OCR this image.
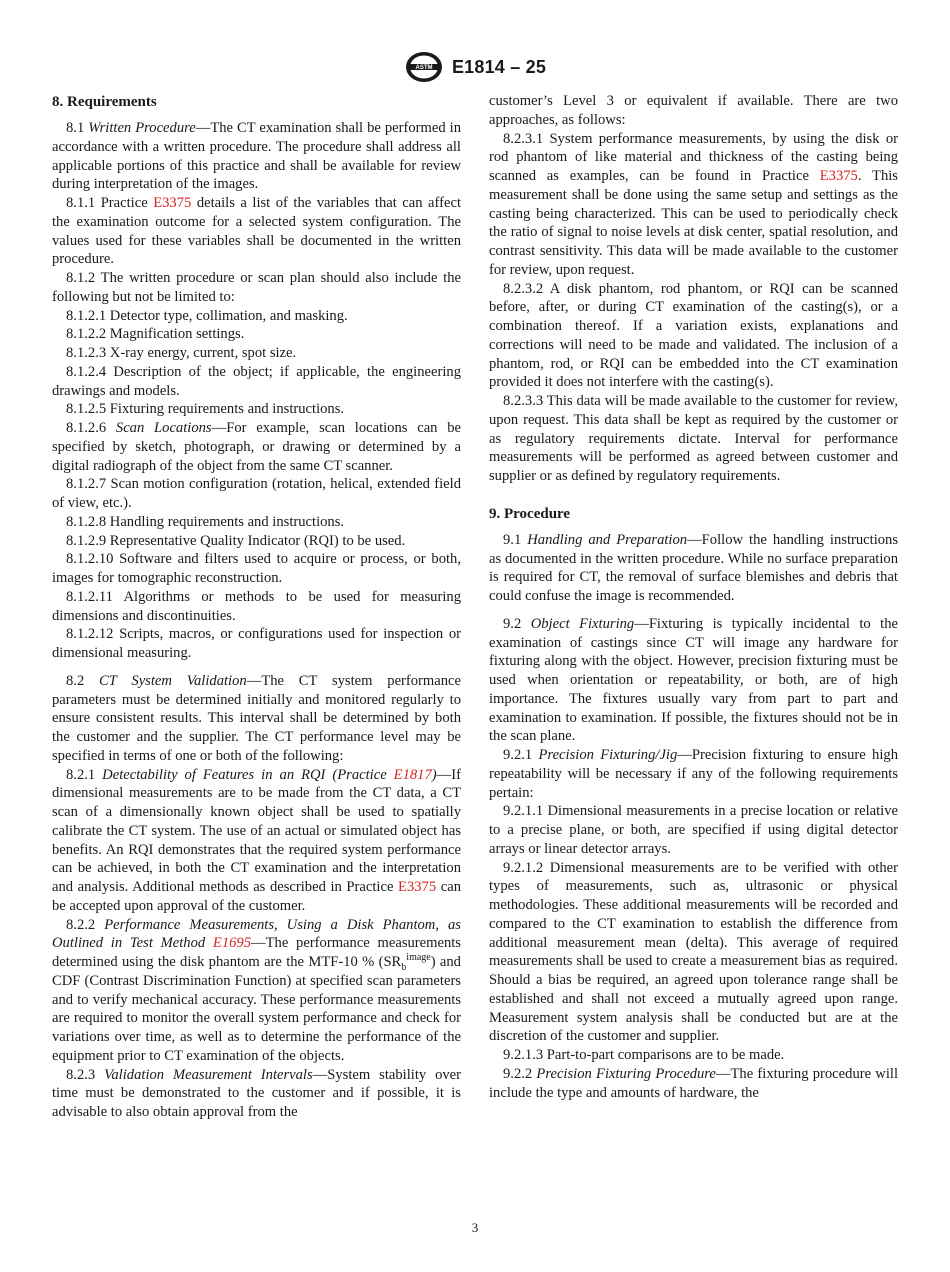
ASTM E1814 – 25
8. Requirements

8.1 Written Procedure—The CT examination shall be performed in accordance with a written procedure. The procedure shall address all applicable portions of this practice and shall be available for review during interpretation of the images.

8.1.1 Practice E3375 details a list of the variables that can affect the examination outcome for a selected system configuration. The values used for these variables shall be documented in the written procedure.

8.1.2 The written procedure or scan plan should also include the following but not be limited to:

8.1.2.1 Detector type, collimation, and masking.

8.1.2.2 Magnification settings.

8.1.2.3 X-ray energy, current, spot size.

8.1.2.4 Description of the object; if applicable, the engineering drawings and models.

8.1.2.5 Fixturing requirements and instructions.

8.1.2.6 Scan Locations—For example, scan locations can be specified by sketch, photograph, or drawing or determined by a digital radiograph of the object from the same CT scanner.

8.1.2.7 Scan motion configuration (rotation, helical, extended field of view, etc.).

8.1.2.8 Handling requirements and instructions.

8.1.2.9 Representative Quality Indicator (RQI) to be used.

8.1.2.10 Software and filters used to acquire or process, or both, images for tomographic reconstruction.

8.1.2.11 Algorithms or methods to be used for measuring dimensions and discontinuities.

8.1.2.12 Scripts, macros, or configurations used for inspection or dimensional measuring.

8.2 CT System Validation—The CT system performance parameters must be determined initially and monitored regularly to ensure consistent results. This interval shall be determined by both the customer and the supplier. The CT performance level may be specified in terms of one or both of the following:

8.2.1 Detectability of Features in an RQI (Practice E1817)—If dimensional measurements are to be made from the CT data, a CT scan of a dimensionally known object shall be used to spatially calibrate the CT system. The use of an actual or simulated object has benefits. An RQI demonstrates that the required system performance can be achieved, in both the CT examination and the interpretation and analysis. Additional methods as described in Practice E3375 can be accepted upon approval of the customer.

8.2.2 Performance Measurements, Using a Disk Phantom, as Outlined in Test Method E1695—The performance measurements determined using the disk phantom are the MTF-10 % $(SR_b^{image})$ and CDF (Contrast Discrimination Function) at specified scan parameters and to verify mechanical accuracy. These performance measurements are required to monitor the overall system performance and check for variations over time, as well as to determine the performance of the equipment prior to CT examination of the objects.

8.2.3 Validation Measurement Intervals—System stability over time must be demonstrated to the customer and if possible, it is advisable to also obtain approval from the

customer’s Level 3 or equivalent if available. There are two approaches, as follows:

8.2.3.1 System performance measurements, by using the disk or rod phantom of like material and thickness of the casting being scanned as examples, can be found in Practice E3375. This measurement shall be done using the same setup and settings as the casting being characterized. This can be used to periodically check the ratio of signal to noise levels at disk center, spatial resolution, and contrast sensitivity. This data will be made available to the customer for review, upon request.

8.2.3.2 A disk phantom, rod phantom, or RQI can be scanned before, after, or during CT examination of the casting(s), or a combination thereof. If a variation exists, explanations and corrections will need to be made and validated. The inclusion of a phantom, rod, or RQI can be embedded into the CT examination provided it does not interfere with the casting(s).

8.2.3.3 This data will be made available to the customer for review, upon request. This data shall be kept as required by the customer or as regulatory requirements dictate. Interval for performance measurements will be performed as agreed between customer and supplier or as defined by regulatory requirements.

9. Procedure

9.1 Handling and Preparation—Follow the handling instructions as documented in the written procedure. While no surface preparation is required for CT, the removal of surface blemishes and debris that could confuse the image is recommended.

9.2 Object Fixturing—Fixturing is typically incidental to the examination of castings since CT will image any hardware for fixturing along with the object. However, precision fixturing must be used when orientation or repeatability, or both, are of high importance. The fixtures usually vary from part to part and examination to examination. If possible, the fixtures should not be in the scan plane.

9.2.1 Precision Fixturing/Jig—Precision fixturing to ensure high repeatability will be necessary if any of the following requirements pertain:

9.2.1.1 Dimensional measurements in a precise location or relative to a precise plane, or both, are specified if using digital detector arrays or linear detector arrays.

9.2.1.2 Dimensional measurements are to be verified with other types of measurements, such as, ultrasonic or physical methodologies. These additional measurements will be recorded and compared to the CT examination to establish the difference from additional measurement mean (delta). This average of required measurements shall be used to create a measurement bias as required. Should a bias be required, an agreed upon tolerance range shall be established and shall not exceed a mutually agreed upon range. Measurement system analysis shall be conducted but are at the discretion of the customer and supplier.

9.2.1.3 Part-to-part comparisons are to be made.

9.2.2 Precision Fixturing Procedure—The fixturing procedure will include the type and amounts of hardware, the

3
